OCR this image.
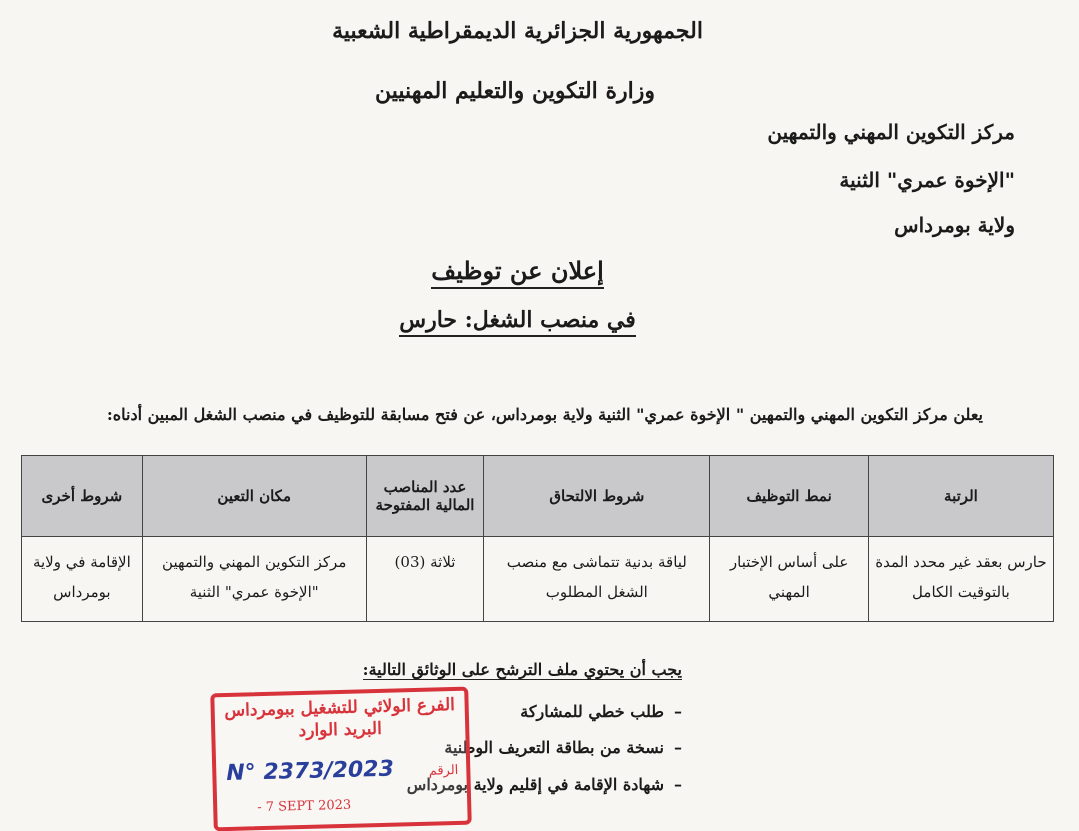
الجمهورية الجزائرية الديمقراطية الشعبية
وزارة التكوين والتعليم المهنيين
مركز التكوين المهني والتمهين
"الإخوة عمري" الثنية
ولاية بومرداس
إعلان عن توظيف
في منصب الشغل: حارس
يعلن مركز التكوين المهني والتمهين " الإخوة عمري" الثنية ولاية بومرداس، عن فتح مسابقة للتوظيف في منصب الشغل المبين أدناه:
الرتبة	نمط التوظيف	شروط الالتحاق	عدد المناصب المالية المفتوحة	مكان التعين	شروط أخرى
حارس بعقد غير محدد المدة بالتوقيت الكامل	على أساس الإختبار المهني	لياقة بدنية تتماشى مع منصب الشغل المطلوب	ثلاثة (03)	مركز التكوين المهني والتمهين "الإخوة عمري" الثنية	الإقامة في ولاية بومرداس
يجب أن يحتوي ملف الترشح على الوثائق التالية:
–طلب خطي للمشاركة
–نسخة من بطاقة التعريف الوطنية
–شهادة الإقامة في إقليم ولاية بومرداس
الفرع الولائي للتشغيل ببومرداس
البريد الوارد
الرقم
N° 2373/2023
- 7 SEPT 2023
